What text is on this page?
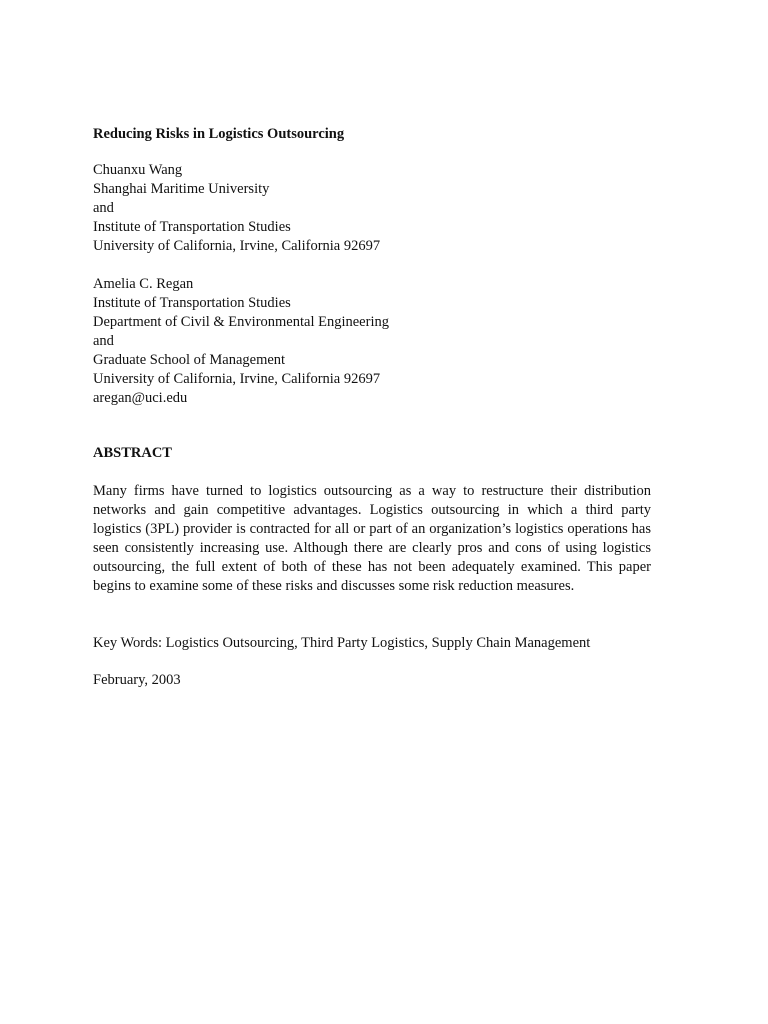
Reducing Risks in Logistics Outsourcing

Chuanxu Wang
Shanghai Maritime University
and
Institute of Transportation Studies
University of California, Irvine, California 92697
Amelia C. Regan
Institute of Transportation Studies
Department of Civil & Environmental Engineering
and
Graduate School of Management
University of California, Irvine, California 92697
aregan@uci.edu

ABSTRACT

Many firms have turned to logistics outsourcing as a way to restructure their distribution networks and gain competitive advantages. Logistics outsourcing in which a third party logistics (3PL) provider is contracted for all or part of an organization’s logistics operations has seen consistently increasing use. Although there are clearly pros and cons of using logistics outsourcing, the full extent of both of these has not been adequately examined. This paper begins to examine some of these risks and discusses some risk reduction measures.

Key Words: Logistics Outsourcing, Third Party Logistics, Supply Chain Management

February, 2003
